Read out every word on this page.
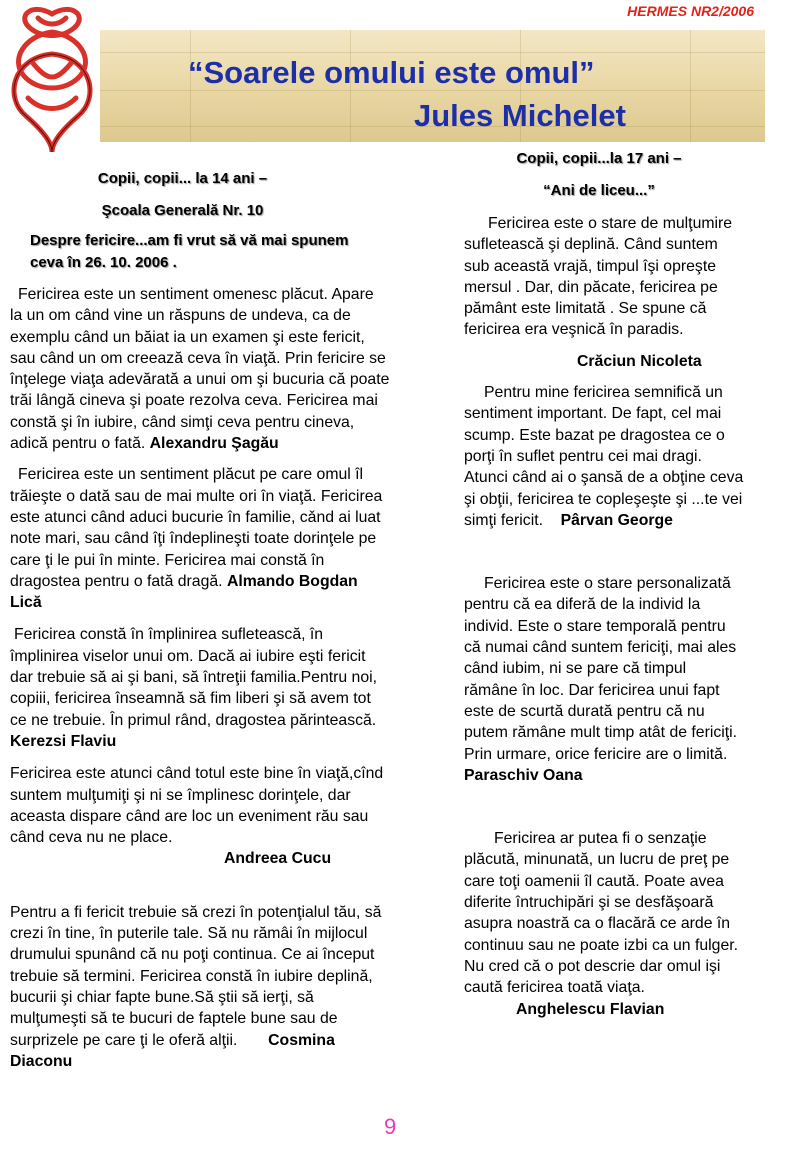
HERMES NR2/2006
“Soarele omului este omul”
Jules Michelet
Copii, copii... la 14 ani –
Şcoala Generală Nr. 10
Despre fericire...am fi vrut să vă mai spunem ceva în 26. 10. 2006 .

Fericirea este un sentiment omenesc plăcut. Apare la un om când vine un răspuns de undeva, ca de exemplu când un băiat ia un examen şi este fericit, sau când un om creează ceva în viaţă. Prin fericire se înţelege viaţa adevărată a unui om şi bucuria că poate trăi lângă cineva şi poate rezolva ceva. Fericirea mai constă şi în iubire, când simţi ceva pentru cineva, adică pentru o fată. Alexandru Şagău

Fericirea este un sentiment plăcut pe care omul îl trăieşte o dată sau de mai multe ori în viaţă. Fericirea este atunci când aduci bucurie în familie, cǎnd ai luat note mari, sau când îţi îndeplineşti toate dorinţele pe care ţi le pui în minte. Fericirea mai constă în dragostea pentru o fată dragă. Almando Bogdan Lică

Fericirea constă în împlinirea sufletească, în împlinirea viselor unui om. Dacă ai iubire eşti fericit dar trebuie să ai şi bani, să întreţii familia.Pentru noi, copiii, fericirea înseamnă să fim liberi şi să avem tot ce ne trebuie. În primul rând, dragostea părintească. Kerezsi Flaviu

Fericirea este atunci când totul este bine în viaţă,cînd suntem mulţumiţi şi ni se împlinesc dorinţele, dar aceasta dispare când are loc un eveniment rău sau când ceva nu ne place.

Andreea Cucu

Pentru a fi fericit trebuie să crezi în potenţialul tău, să crezi în tine, în puterile tale. Să nu rămâi în mijlocul drumului spunând că nu poţi continua. Ce ai început trebuie să termini. Fericirea constă în iubire deplină, bucurii şi chiar fapte bune.Să ştii să ierţi, să mulţumeşti să te bucuri de faptele bune sau de surprizele pe care ţi le oferă alţii. Cosmina Diaconu

Copii, copii...la 17 ani –
“Ani de liceu...”

Fericirea este o stare de mulţumire sufletească şi deplină. Când suntem sub această vrajă, timpul îşi opreşte mersul . Dar, din păcate, fericirea pe pământ este limitată . Se spune că fericirea era veşnică în paradis.

Crăciun Nicoleta

Pentru mine fericirea semnifică un sentiment important. De fapt, cel mai scump. Este bazat pe dragostea ce o porţi în suflet pentru cei mai dragi. Atunci când ai o şansă de a obţine ceva şi obţii, fericirea te copleşeşte şi ...te vei simţi fericit. Pârvan George

Fericirea este o stare personalizată pentru că ea diferă de la individ la individ. Este o stare temporală pentru că numai când suntem fericiţi, mai ales când iubim, ni se pare că timpul rămâne în loc. Dar fericirea unui fapt este de scurtă durată pentru că nu putem rămâne mult timp atât de fericiţi. Prin urmare, orice fericire are o limită.  Paraschiv Oana

Fericirea ar putea fi o senzaţie plăcută, minunată, un lucru de preţ pe care toţi oamenii îl caută. Poate avea diferite întruchipări şi se desfăşoară asupra noastră ca o flacără ce arde în continuu sau ne poate izbi ca un fulger. Nu cred că o pot descrie dar omul işi caută fericirea toată viaţa.

Anghelescu Flavian

9
